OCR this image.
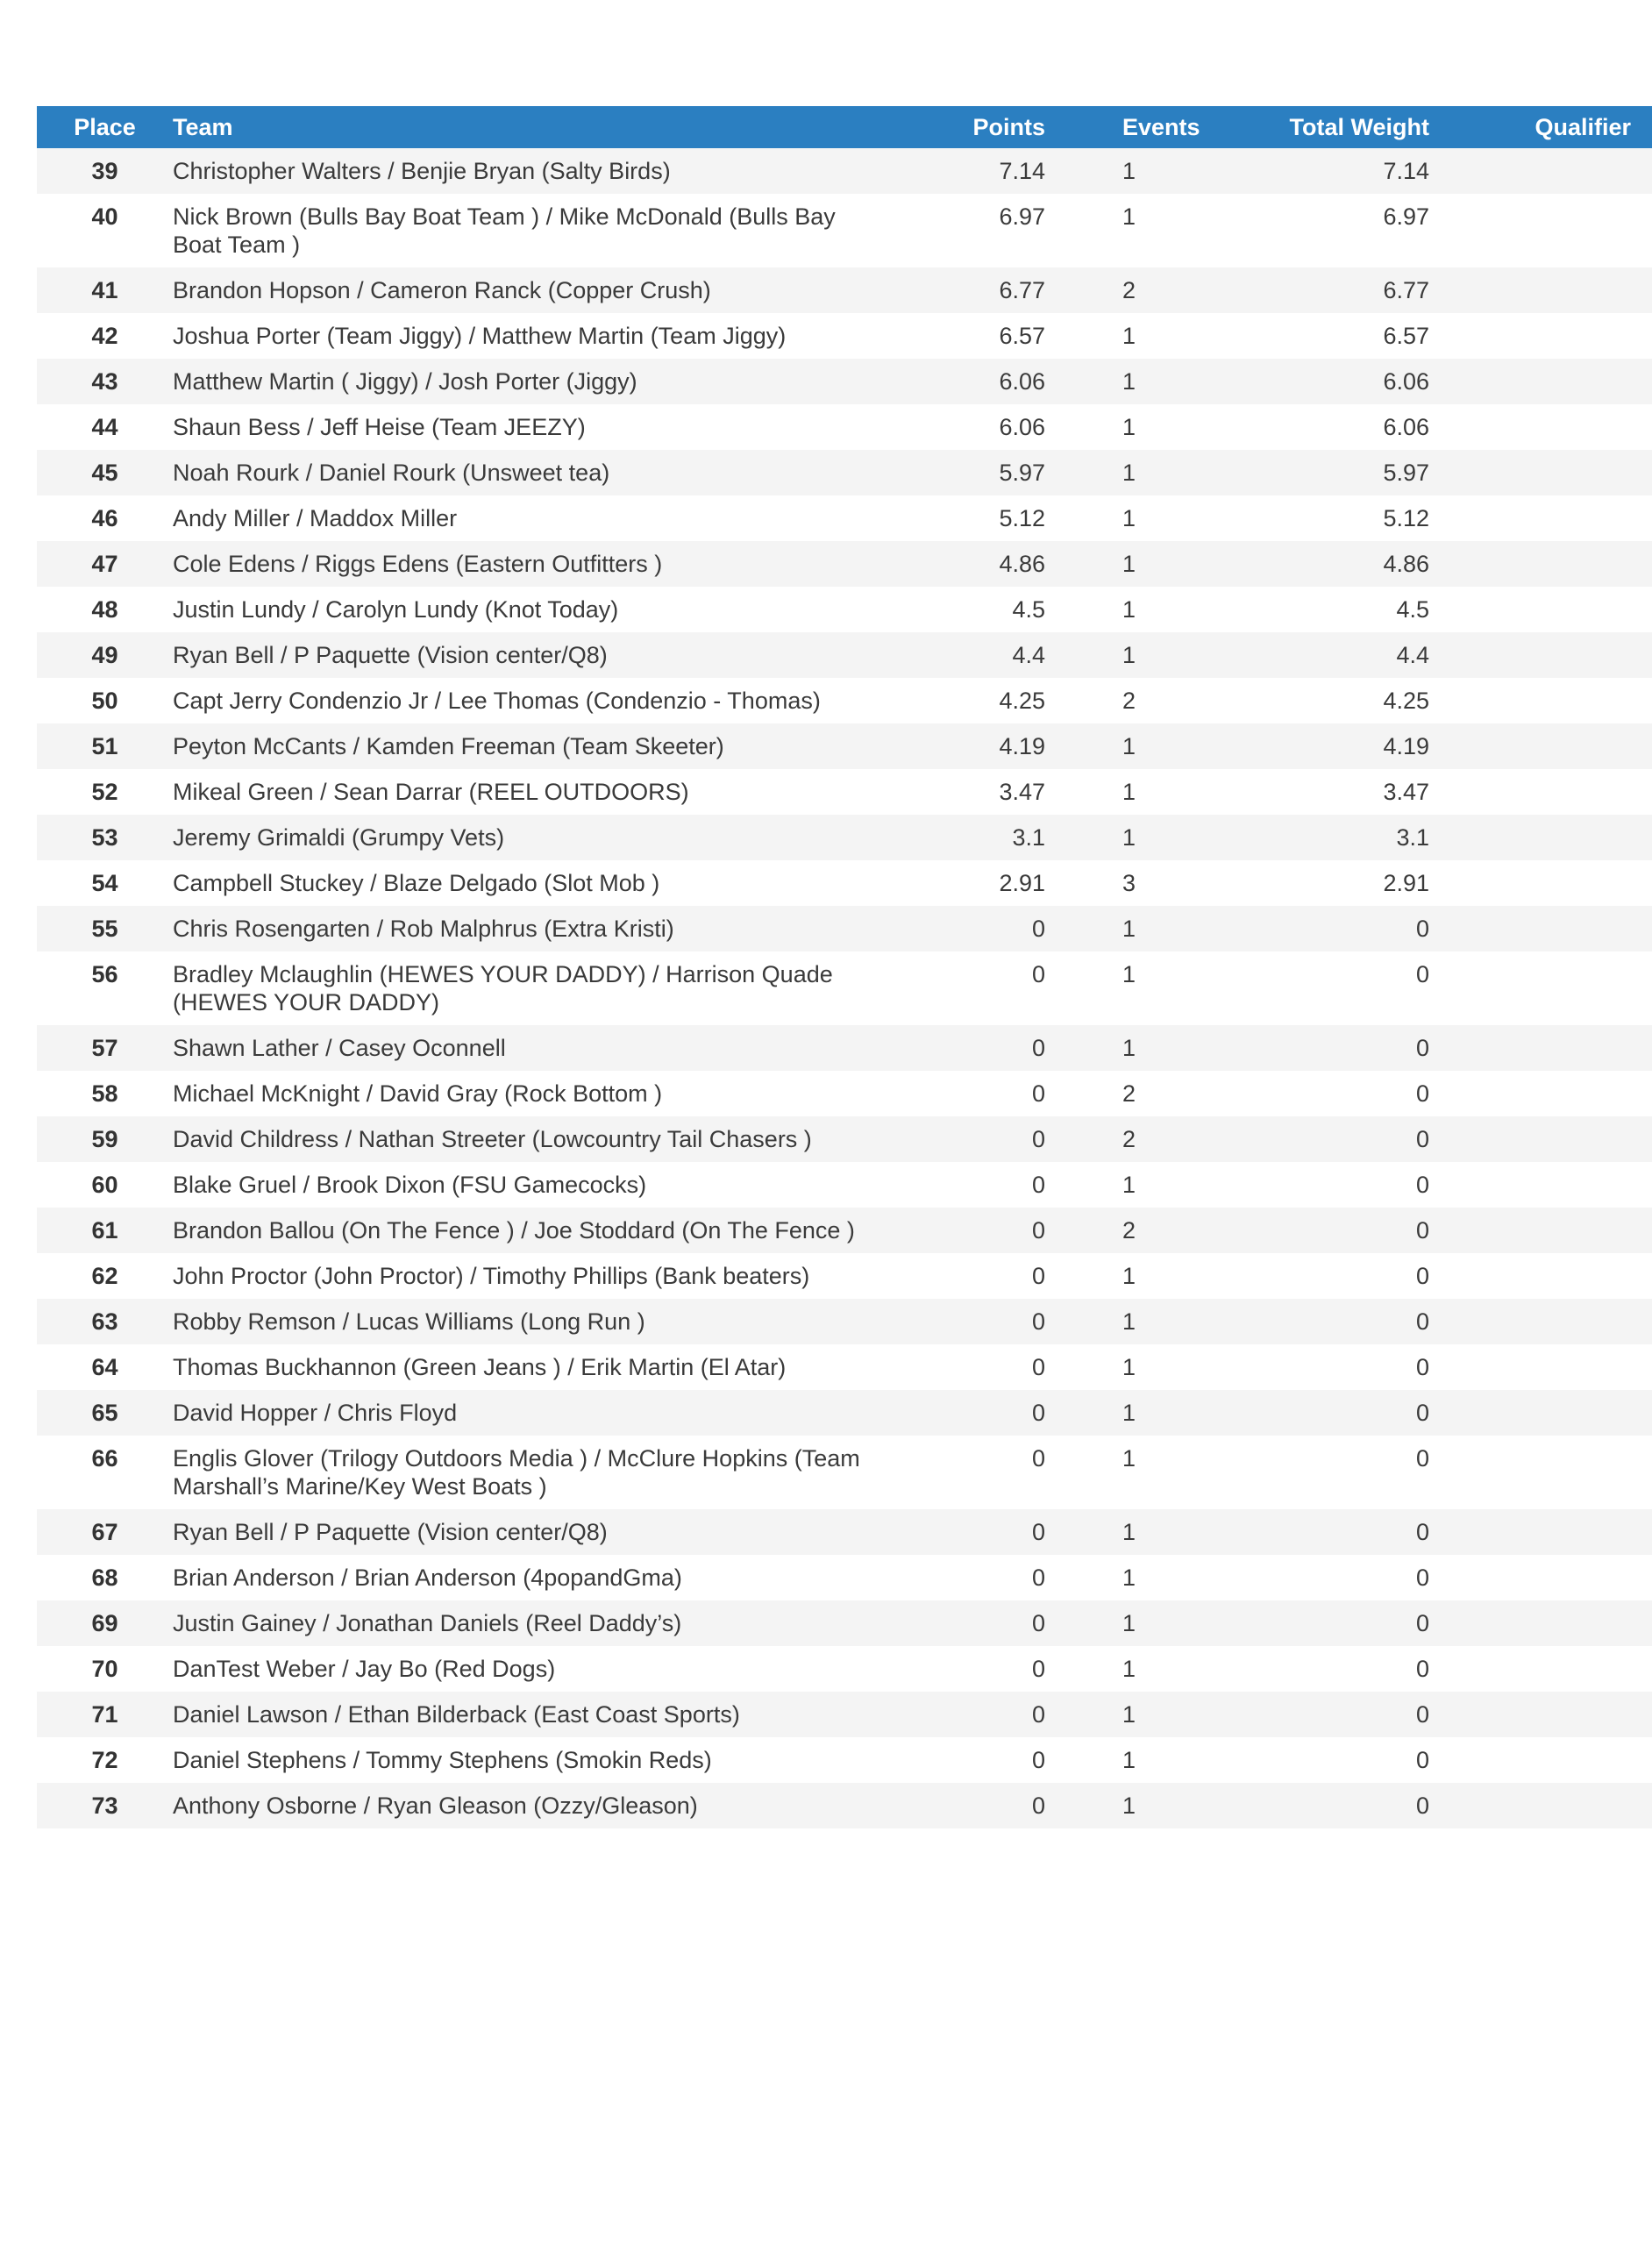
Place	Team	Points	Events	Total Weight	Qualifier
39	Christopher Walters / Benjie Bryan (Salty Birds)	7.14	1	7.14	
40	Nick Brown (Bulls Bay Boat Team ) / Mike McDonald (Bulls Bay Boat Team )	6.97	1	6.97	
41	Brandon Hopson / Cameron Ranck (Copper Crush)	6.77	2	6.77	
42	Joshua Porter (Team Jiggy) / Matthew Martin (Team Jiggy)	6.57	1	6.57	
43	Matthew Martin ( Jiggy) / Josh Porter (Jiggy)	6.06	1	6.06	
44	Shaun Bess / Jeff Heise (Team JEEZY)	6.06	1	6.06	
45	Noah Rourk / Daniel Rourk (Unsweet tea)	5.97	1	5.97	
46	Andy Miller / Maddox Miller	5.12	1	5.12	
47	Cole Edens / Riggs Edens (Eastern Outfitters )	4.86	1	4.86	
48	Justin Lundy / Carolyn Lundy (Knot Today)	4.5	1	4.5	
49	Ryan Bell / P Paquette (Vision center/Q8)	4.4	1	4.4	
50	Capt Jerry Condenzio Jr / Lee Thomas (Condenzio - Thomas)	4.25	2	4.25	
51	Peyton McCants / Kamden Freeman (Team Skeeter)	4.19	1	4.19	
52	Mikeal Green / Sean Darrar (REEL OUTDOORS)	3.47	1	3.47	
53	Jeremy Grimaldi (Grumpy Vets)	3.1	1	3.1	
54	Campbell Stuckey / Blaze Delgado (Slot Mob )	2.91	3	2.91	
55	Chris Rosengarten / Rob Malphrus (Extra Kristi)	0	1	0	
56	Bradley Mclaughlin (HEWES YOUR DADDY) / Harrison Quade (HEWES YOUR DADDY)	0	1	0	
57	Shawn Lather / Casey Oconnell	0	1	0	
58	Michael McKnight / David Gray (Rock Bottom )	0	2	0	
59	David Childress / Nathan Streeter (Lowcountry Tail Chasers )	0	2	0	
60	Blake Gruel / Brook Dixon (FSU Gamecocks)	0	1	0	
61	Brandon Ballou (On The Fence ) / Joe Stoddard (On The Fence )	0	2	0	
62	John Proctor (John Proctor) / Timothy Phillips (Bank beaters)	0	1	0	
63	Robby Remson / Lucas Williams (Long Run )	0	1	0	
64	Thomas Buckhannon (Green Jeans ) / Erik Martin (El Atar)	0	1	0	
65	David Hopper / Chris Floyd	0	1	0	
66	Englis Glover (Trilogy Outdoors Media ) / McClure Hopkins (Team Marshall’s Marine/Key West Boats )	0	1	0	
67	Ryan Bell / P Paquette (Vision center/Q8)	0	1	0	
68	Brian Anderson / Brian Anderson (4popandGma)	0	1	0	
69	Justin Gainey / Jonathan Daniels (Reel Daddy’s)	0	1	0	
70	DanTest Weber / Jay Bo (Red Dogs)	0	1	0	
71	Daniel Lawson / Ethan Bilderback (East Coast Sports)	0	1	0	
72	Daniel Stephens / Tommy Stephens (Smokin Reds)	0	1	0	
73	Anthony Osborne / Ryan Gleason (Ozzy/Gleason)	0	1	0	
